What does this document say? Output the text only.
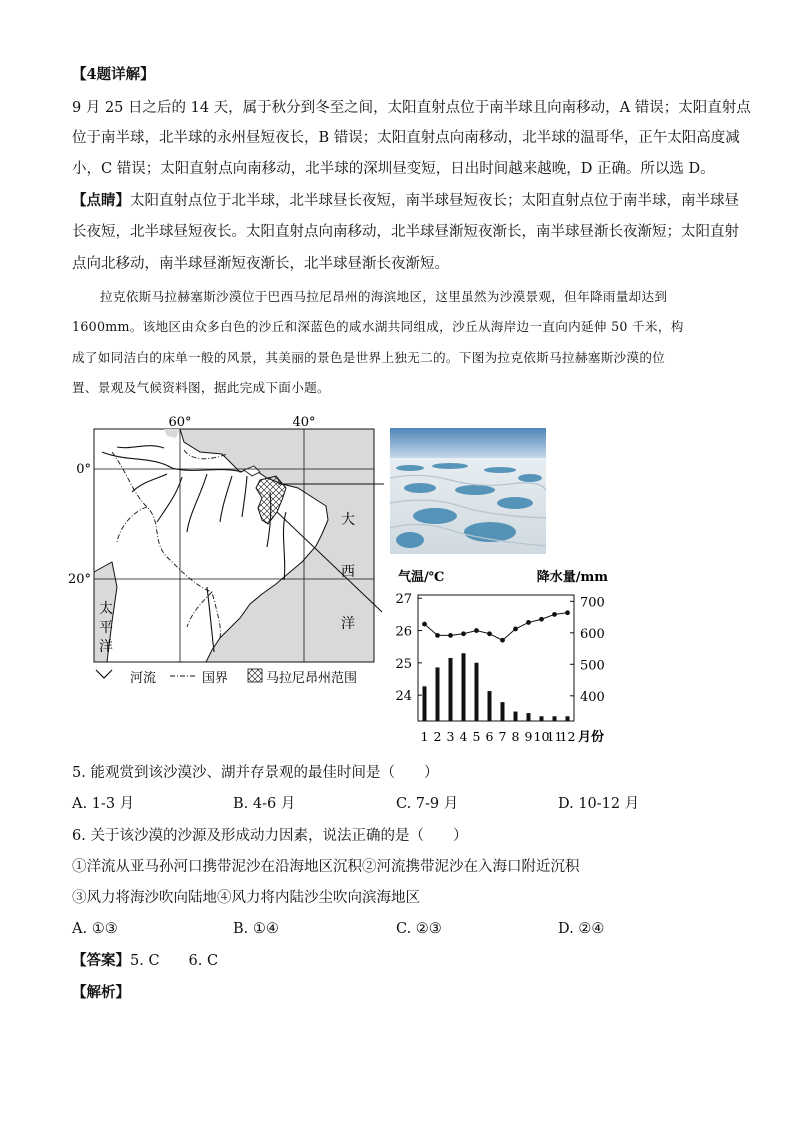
【4题详解】
9 月 25 日之后的 14 天，属于秋分到冬至之间，太阳直射点位于南半球且向南移动，A 错误；太阳直射点
位于南半球，北半球的永州昼短夜长，B 错误；太阳直射点向南移动，北半球的温哥华，正午太阳高度减
小，C 错误；太阳直射点向南移动，北半球的深圳昼变短，日出时间越来越晚，D 正确。所以选 D。
【点睛】太阳直射点位于北半球，北半球昼长夜短，南半球昼短夜长；太阳直射点位于南半球，南半球昼
长夜短，北半球昼短夜长。太阳直射点向南移动，北半球昼渐短夜渐长，南半球昼渐长夜渐短；太阳直射
点向北移动，南半球昼渐短夜渐长，北半球昼渐长夜渐短。
拉克依斯马拉赫塞斯沙漠位于巴西马拉尼昂州的海滨地区，这里虽然为沙漠景观，但年降雨量却达到
1600mm。该地区由众多白色的沙丘和深蓝色的咸水湖共同组成，沙丘从海岸边一直向内延伸 50 千米，构
成了如同洁白的床单一般的风景，其美丽的景色是世界上独无二的。下图为拉克依斯马拉赫塞斯沙漠的位
置、景观及气候资料图，据此完成下面小题。
60°	40°
0°
20°
大
西
洋
太
平
洋
河流	国界	马拉尼昂州范围
气温/℃	降水量/mm
24
25
26
27
400
500
600
700
1 2 3 4 5 6 7 8 9 10
11
12 月份
5. 能观赏到该沙漠沙、湖并存景观的最佳时间是（　　）
A. 1-3 月	B. 4-6 月	C. 7-9 月	D. 10-12 月
6. 关于该沙漠的沙源及形成动力因素，说法正确的是（　　）
①洋流从亚马孙河口携带泥沙在沿海地区沉积②河流携带泥沙在入海口附近沉积
③风力将海沙吹向陆地④风力将内陆沙尘吹向滨海地区
A. ①③	B. ①④	C. ②③	D. ②④
【答案】5. C　　6. C
【解析】
